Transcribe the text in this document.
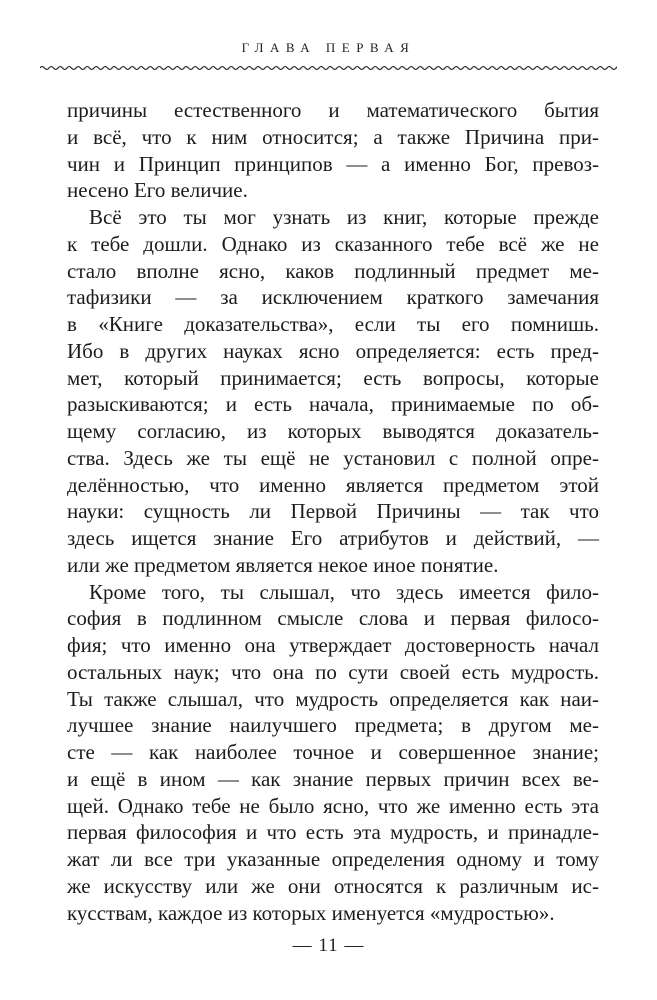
ГЛАВА ПЕРВАЯ
причины естественного и математического бытия
и всё, что к ним относится; а также Причина при-
чин и Принцип принципов — а именно Бог, превоз-
несено Его величие.
Всё это ты мог узнать из книг, которые прежде
к тебе дошли. Однако из сказанного тебе всё же не
стало вполне ясно, каков подлинный предмет ме-
тафизики — за исключением краткого замечания
в «Книге доказательства», если ты его помнишь.
Ибо в других науках ясно определяется: есть пред-
мет, который принимается; есть вопросы, которые
разыскиваются; и есть начала, принимаемые по об-
щему согласию, из которых выводятся доказатель-
ства. Здесь же ты ещё не установил с полной опре-
делённостью, что именно является предметом этой
науки: сущность ли Первой Причины — так что
здесь ищется знание Его атрибутов и действий, —
или же предметом является некое иное понятие.
Кроме того, ты слышал, что здесь имеется фило-
софия в подлинном смысле слова и первая филосо-
фия; что именно она утверждает достоверность начал
остальных наук; что она по сути своей есть мудрость.
Ты также слышал, что мудрость определяется как наи-
лучшее знание наилучшего предмета; в другом ме-
сте — как наиболее точное и совершенное знание;
и ещё в ином — как знание первых причин всех ве-
щей. Однако тебе не было ясно, что же именно есть эта
первая философия и что есть эта мудрость, и принадле-
жат ли все три указанные определения одному и тому
же искусству или же они относятся к различным ис-
кусствам, каждое из которых именуется «мудростью».
— 11 —
